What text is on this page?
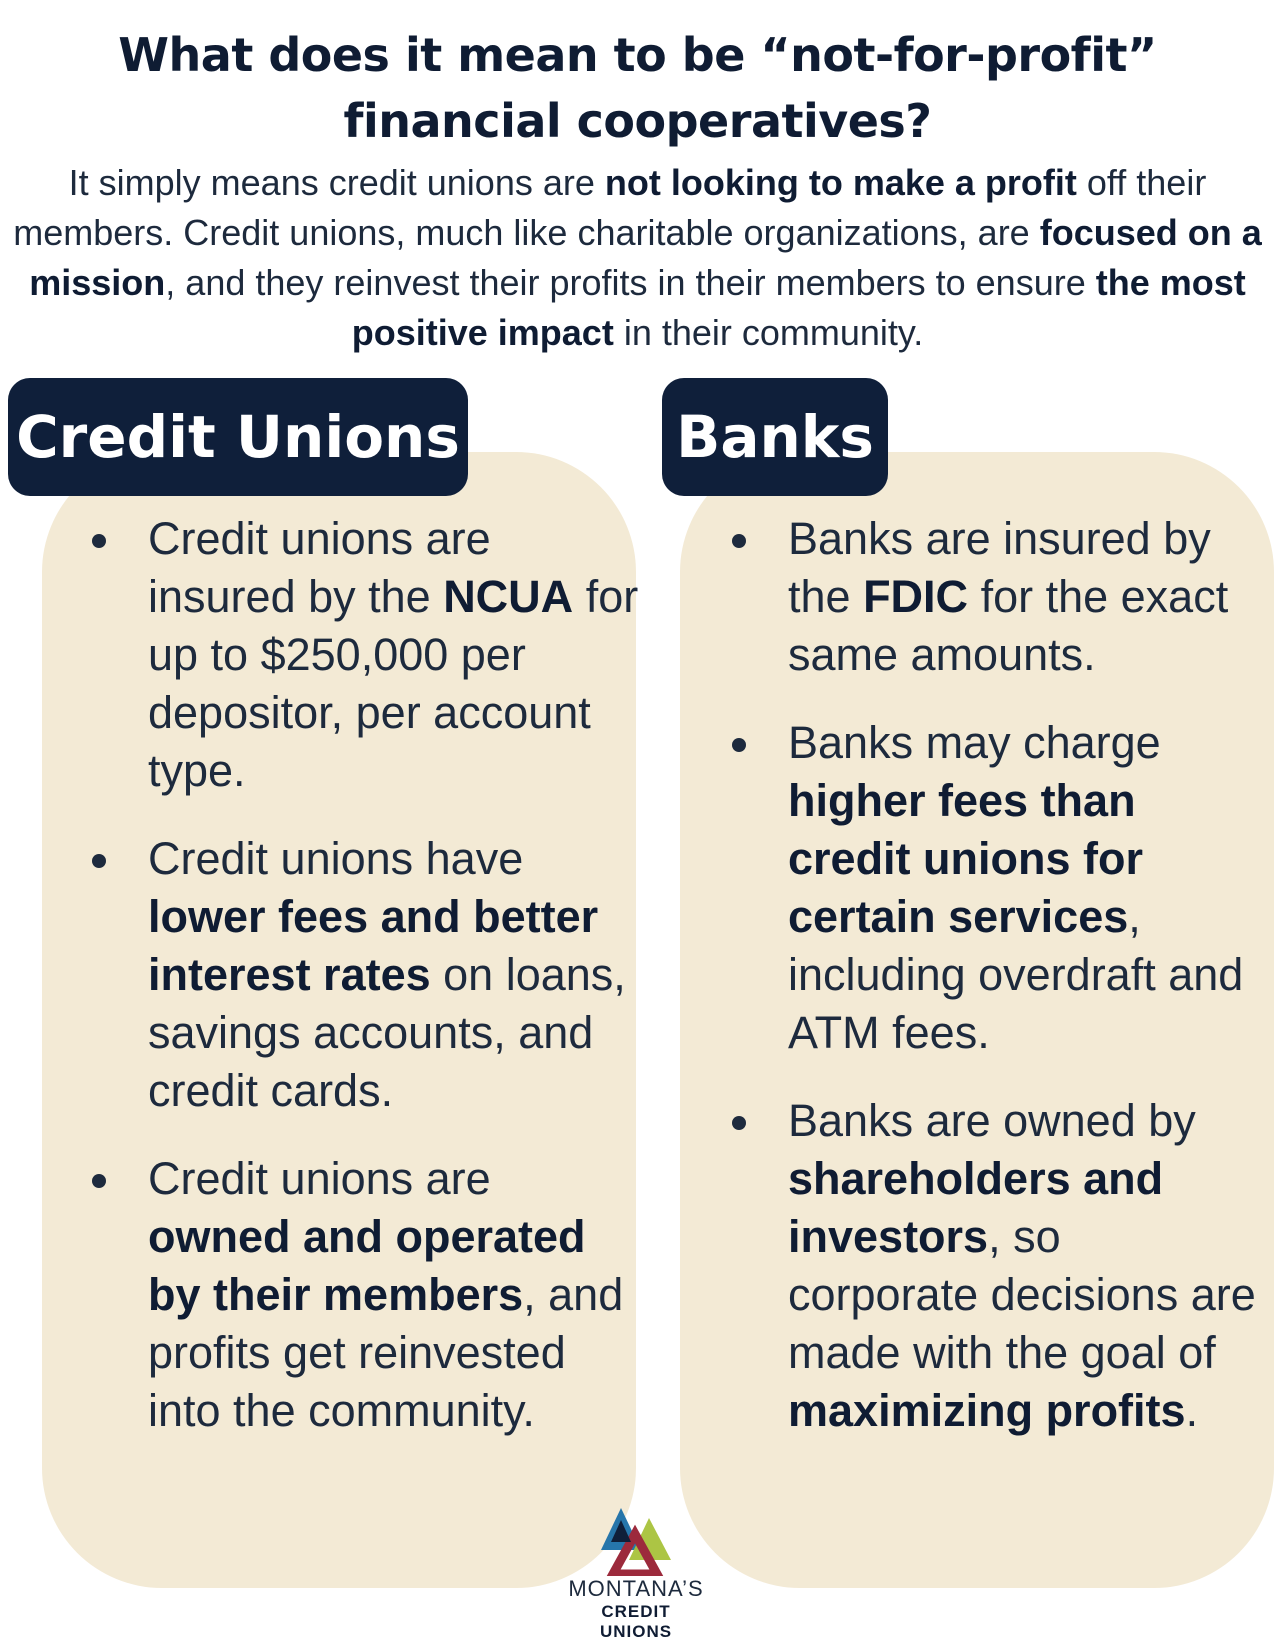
What does it mean to be “not-for-profit”
financial cooperatives?
It simply means credit unions are not looking to make a profit off their members. Credit unions, much like charitable organizations, are focused on a mission, and they reinvest their profits in their members to ensure the most positive impact in their community.
Credit Unions	Banks
Credit unions are insured by the NCUA for up to $250,000 per depositor, per account type.
Credit unions have lower fees and better interest rates on loans, savings accounts, and credit cards.
Credit unions are owned and operated by their members, and profits get reinvested into the community.
Banks are insured by the FDIC for the exact same amounts.
Banks may charge higher fees than credit unions for certain services, including overdraft and ATM fees.
Banks are owned by shareholders and investors, so corporate decisions are made with the goal of maximizing profits.
MONTANA’S
CREDIT UNIONS
